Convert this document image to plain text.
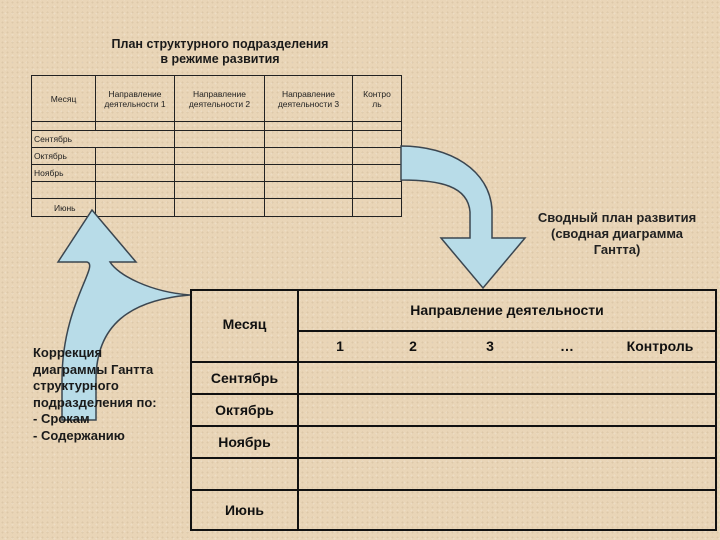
План структурного подразделения
в режиме развития
Месяц	Направление деятельности 1	Направление деятельности 2	Направление деятельности 3	Контроль

Сентябрь				
Октябрь				
Ноябрь				

Июнь				
Сводный план развития (сводная диаграмма Гантта)
Коррекция
диаграммы Гантта
структурного
подразделения по:
- Срокам
- Содержанию
Месяц
Направление деятельности
1	2	3	…	Контроль
Сентябрь
Октябрь
Ноябрь
Июнь
